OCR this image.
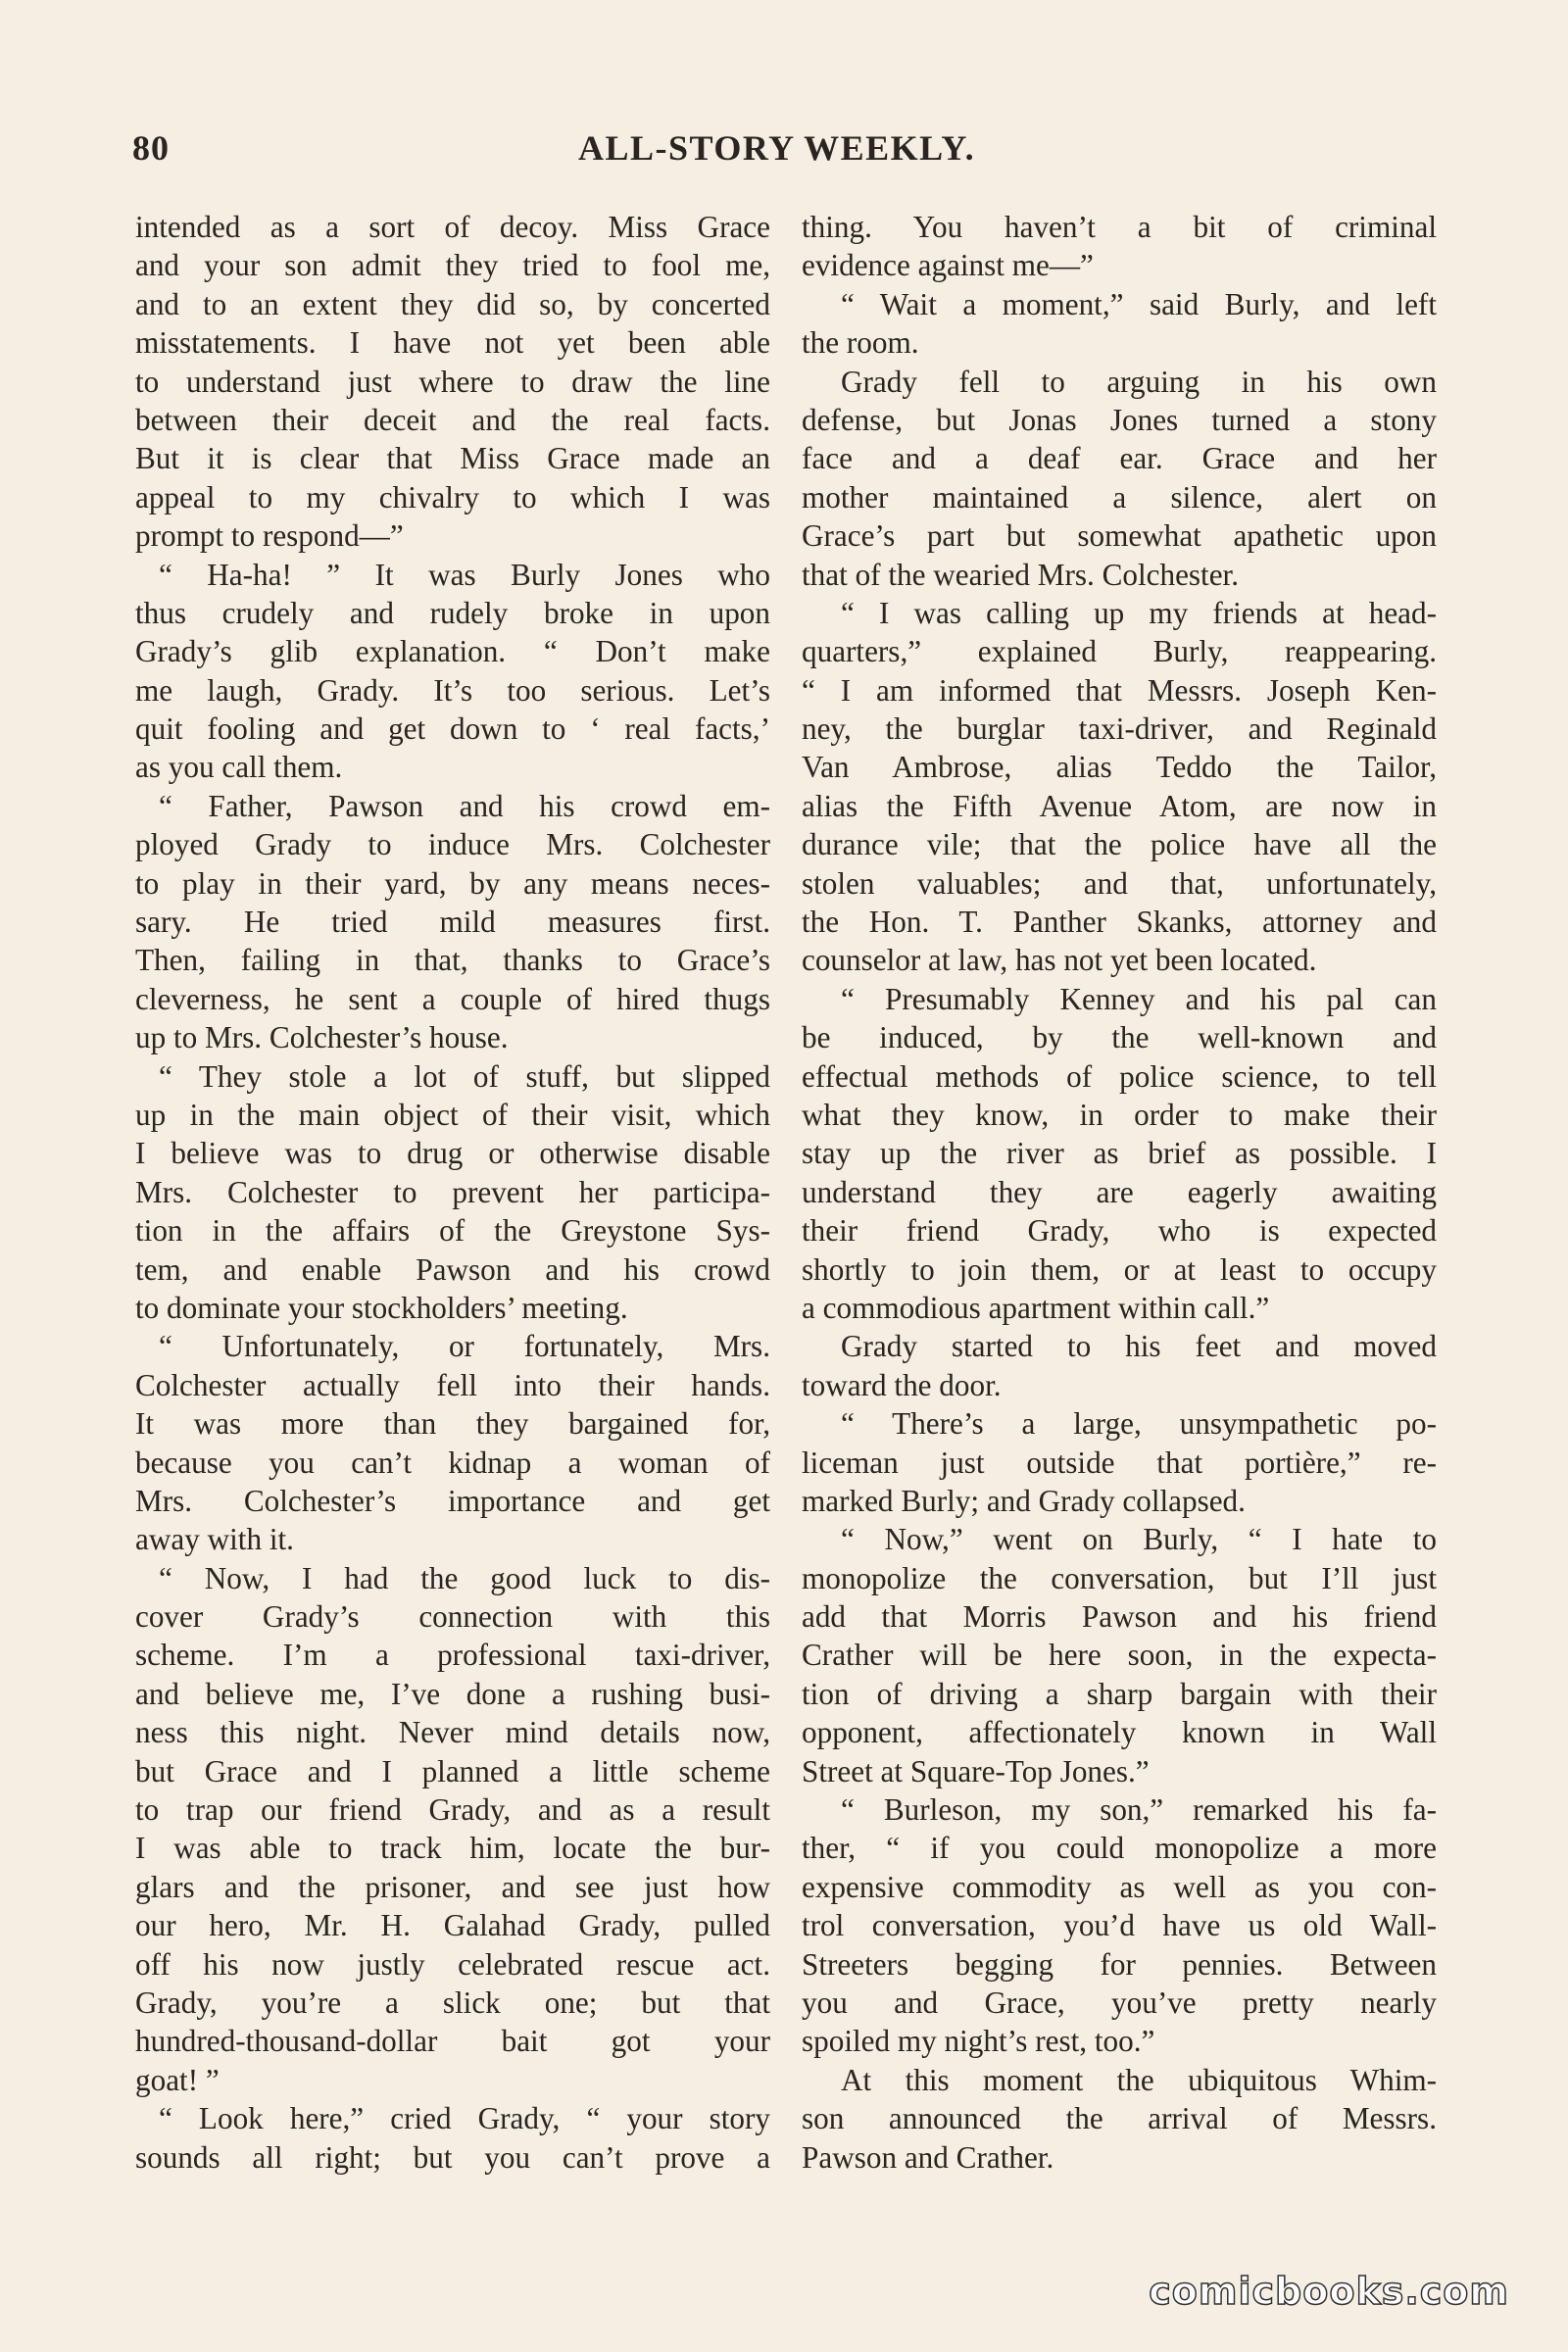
80	ALL-STORY WEEKLY.
intended as a sort of decoy. Miss Grace
and your son admit they tried to fool me,
and to an extent they did so, by concerted
misstatements. I have not yet been able
to understand just where to draw the line
between their deceit and the real facts.
But it is clear that Miss Grace made an
appeal to my chivalry to which I was
prompt to respond—”
“ Ha-ha! ” It was Burly Jones who
thus crudely and rudely broke in upon
Grady’s glib explanation. “ Don’t make
me laugh, Grady. It’s too serious. Let’s
quit fooling and get down to ‘ real facts,’
as you call them.
“ Father, Pawson and his crowd em-
ployed Grady to induce Mrs. Colchester
to play in their yard, by any means neces-
sary. He tried mild measures first.
Then, failing in that, thanks to Grace’s
cleverness, he sent a couple of hired thugs
up to Mrs. Colchester’s house.
“ They stole a lot of stuff, but slipped
up in the main object of their visit, which
I believe was to drug or otherwise disable
Mrs. Colchester to prevent her participa-
tion in the affairs of the Greystone Sys-
tem, and enable Pawson and his crowd
to dominate your stockholders’ meeting.
“ Unfortunately, or fortunately, Mrs.
Colchester actually fell into their hands.
It was more than they bargained for,
because you can’t kidnap a woman of
Mrs. Colchester’s importance and get
away with it.
“ Now, I had the good luck to dis-
cover Grady’s connection with this
scheme. I’m a professional taxi-driver,
and believe me, I’ve done a rushing busi-
ness this night. Never mind details now,
but Grace and I planned a little scheme
to trap our friend Grady, and as a result
I was able to track him, locate the bur-
glars and the prisoner, and see just how
our hero, Mr. H. Galahad Grady, pulled
off his now justly celebrated rescue act.
Grady, you’re a slick one; but that
hundred-thousand-dollar bait got your
goat! ”
“ Look here,” cried Grady, “ your story
sounds all right; but you can’t prove a
thing. You haven’t a bit of criminal
evidence against me—”
“ Wait a moment,” said Burly, and left
the room.
Grady fell to arguing in his own
defense, but Jonas Jones turned a stony
face and a deaf ear. Grace and her
mother maintained a silence, alert on
Grace’s part but somewhat apathetic upon
that of the wearied Mrs. Colchester.
“ I was calling up my friends at head-
quarters,” explained Burly, reappearing.
“ I am informed that Messrs. Joseph Ken-
ney, the burglar taxi-driver, and Reginald
Van Ambrose, alias Teddo the Tailor,
alias the Fifth Avenue Atom, are now in
durance vile; that the police have all the
stolen valuables; and that, unfortunately,
the Hon. T. Panther Skanks, attorney and
counselor at law, has not yet been located.
“ Presumably Kenney and his pal can
be induced, by the well-known and
effectual methods of police science, to tell
what they know, in order to make their
stay up the river as brief as possible. I
understand they are eagerly awaiting
their friend Grady, who is expected
shortly to join them, or at least to occupy
a commodious apartment within call.”
Grady started to his feet and moved
toward the door.
“ There’s a large, unsympathetic po-
liceman just outside that portière,” re-
marked Burly; and Grady collapsed.
“ Now,” went on Burly, “ I hate to
monopolize the conversation, but I’ll just
add that Morris Pawson and his friend
Crather will be here soon, in the expecta-
tion of driving a sharp bargain with their
opponent, affectionately known in Wall
Street at Square-Top Jones.”
“ Burleson, my son,” remarked his fa-
ther, “ if you could monopolize a more
expensive commodity as well as you con-
trol conversation, you’d have us old Wall-
Streeters begging for pennies. Between
you and Grace, you’ve pretty nearly
spoiled my night’s rest, too.”
At this moment the ubiquitous Whim-
son announced the arrival of Messrs.
Pawson and Crather.
comicbooks.com
